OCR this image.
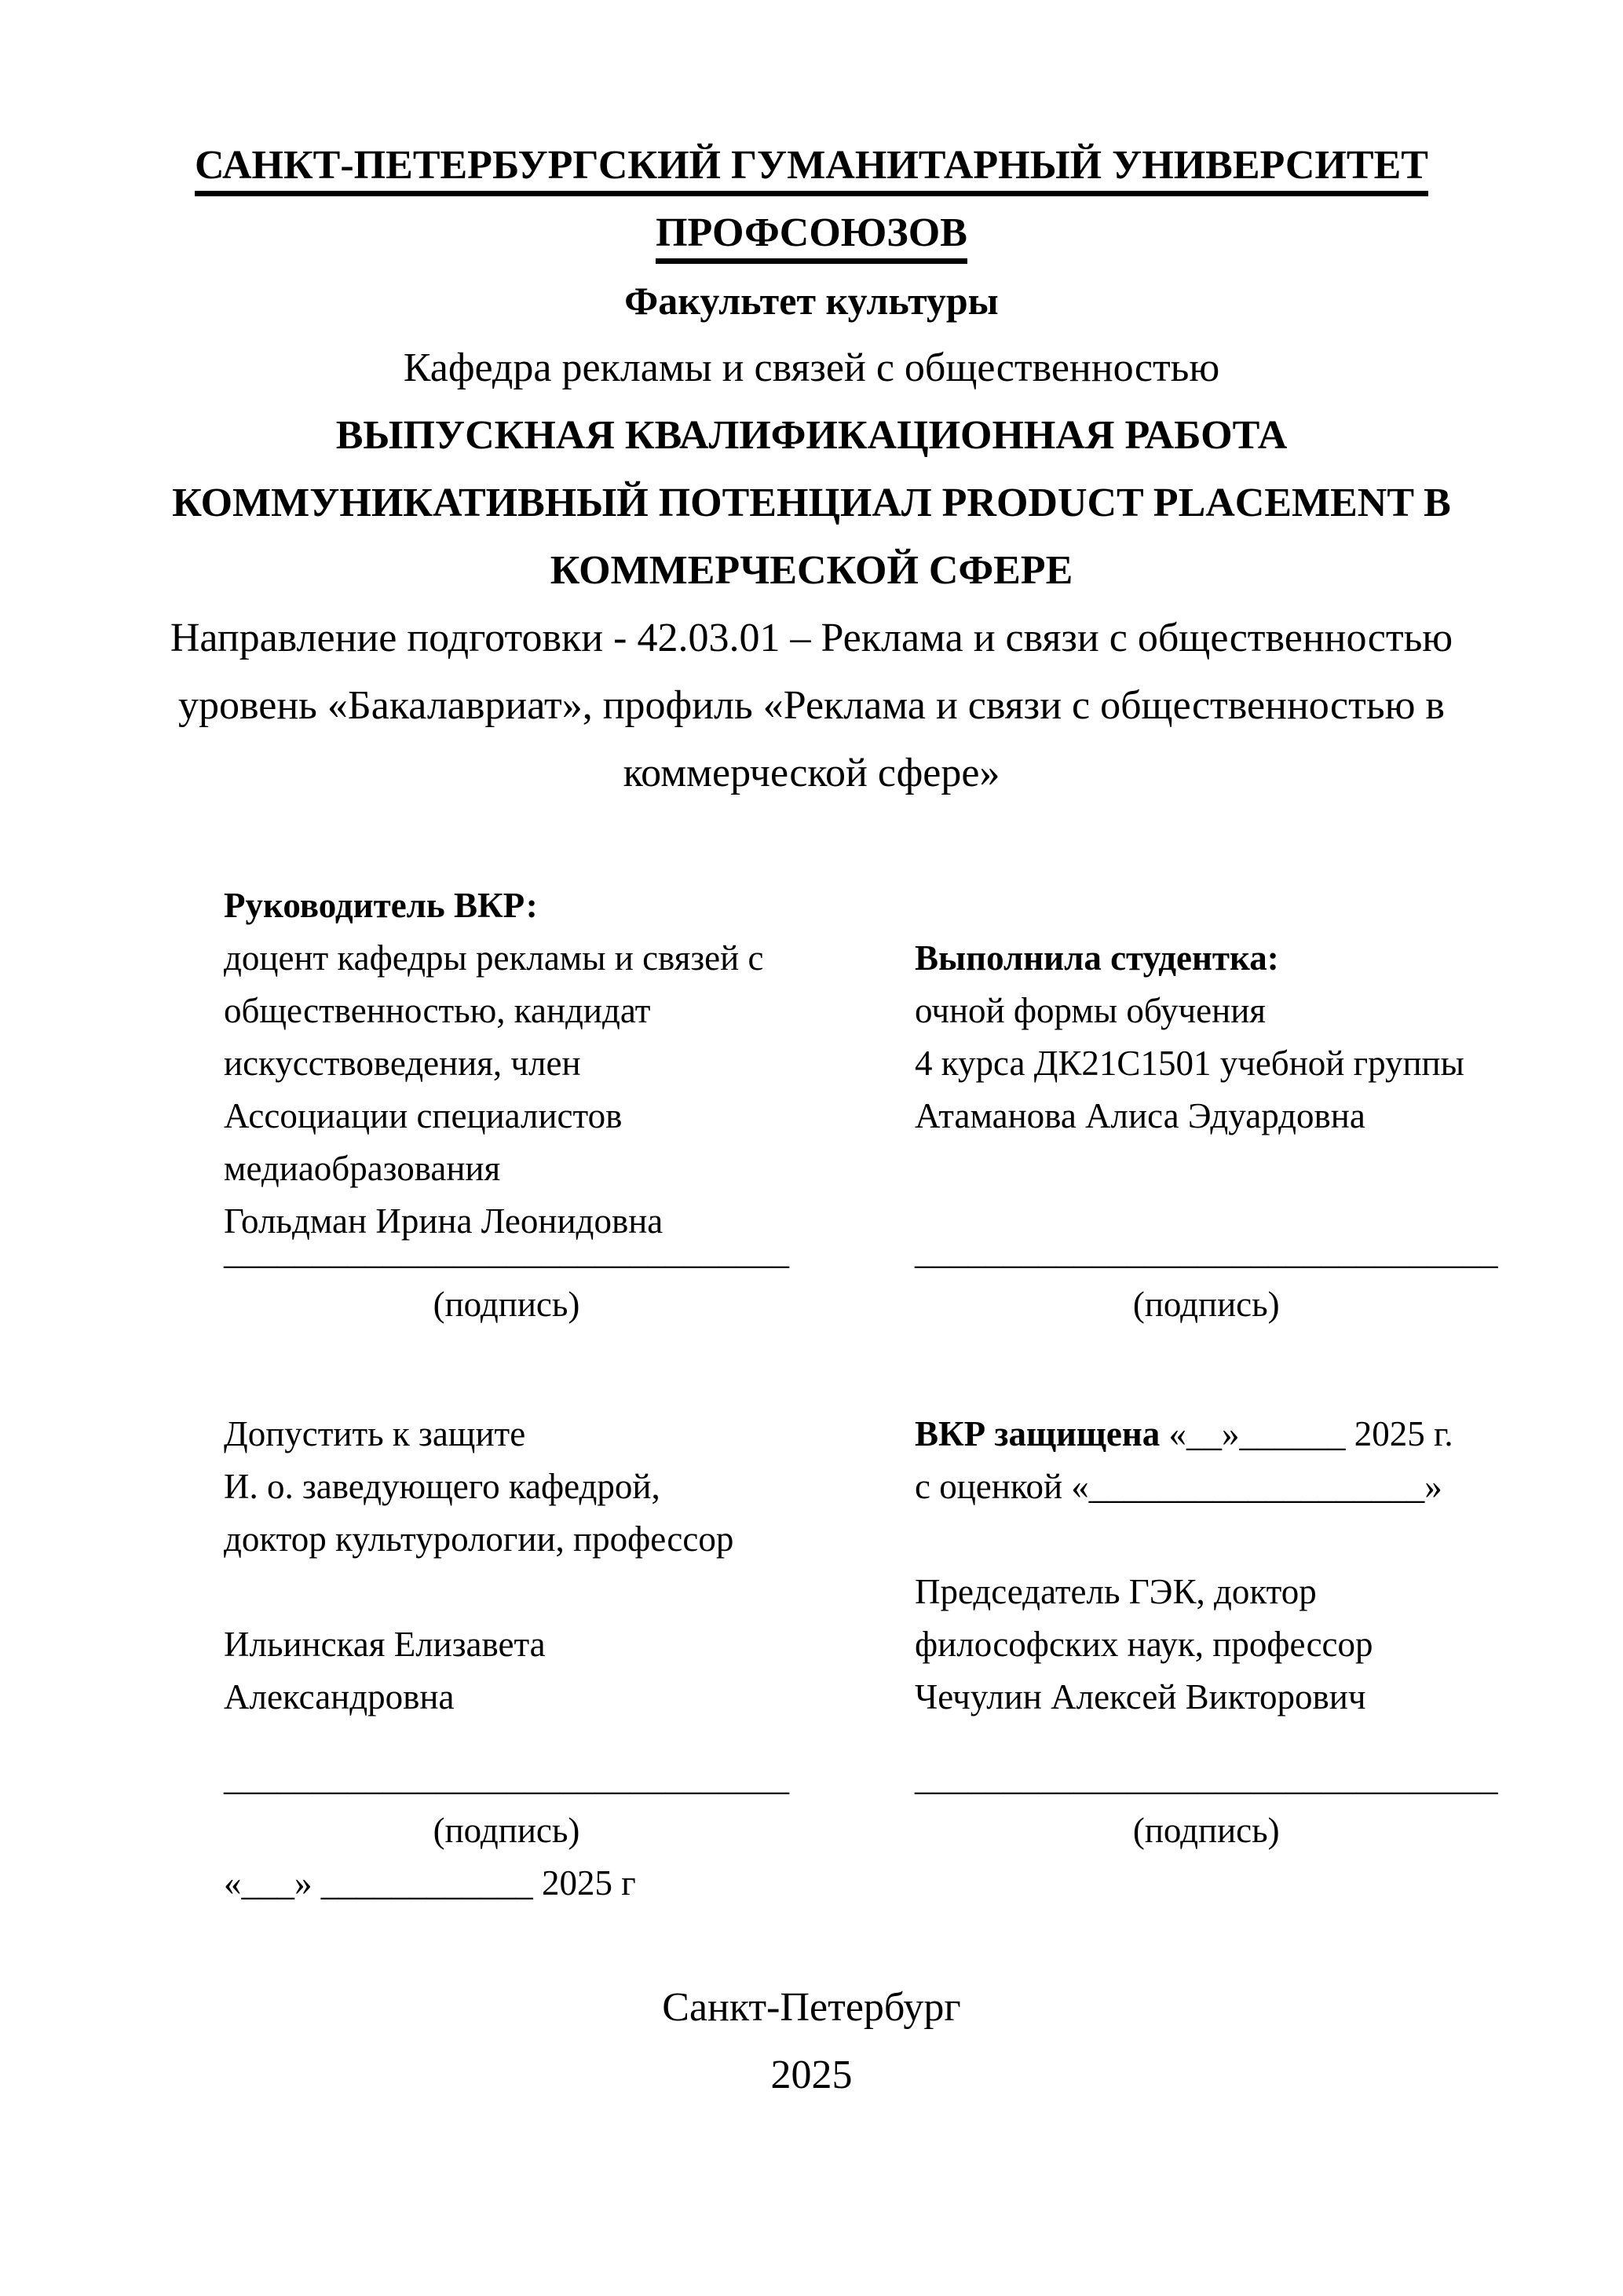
САНКТ-ПЕТЕРБУРГСКИЙ ГУМАНИТАРНЫЙ УНИВЕРСИТЕТ
ПРОФСОЮЗОВ
Факультет культуры
Кафедра рекламы и связей с общественностью
ВЫПУСКНАЯ КВАЛИФИКАЦИОННАЯ РАБОТА
КОММУНИКАТИВНЫЙ ПОТЕНЦИАЛ PRODUCT PLACEMENT В
КОММЕРЧЕСКОЙ СФЕРЕ
Направление подготовки - 42.03.01 – Реклама и связи с общественностью
уровень «Бакалавриат», профиль «Реклама и связи с общественностью в
коммерческой сфере»
Руководитель ВКР:
доцент кафедры рекламы и связей с
общественностью, кандидат
искусствоведения, член
Ассоциации специалистов
медиаобразования
Гольдман Ирина Леонидовна
Выполнила студентка:
очной формы обучения
4 курса ДК21С1501 учебной группы
Атаманова Алиса Эдуардовна
________________________________
(подпись)
_________________________________
(подпись)
Допустить к защите
И. о. заведующего кафедрой,
доктор культурологии, профессор

Ильинская Елизавета
Александровна
ВКР защищена «__»______ 2025 г.
с оценкой «___________________»

Председатель ГЭК, доктор
философских наук, профессор
Чечулин Алексей Викторович
________________________________
(подпись)
«___» ____________ 2025 г
_________________________________
(подпись)
Санкт-Петербург
2025
